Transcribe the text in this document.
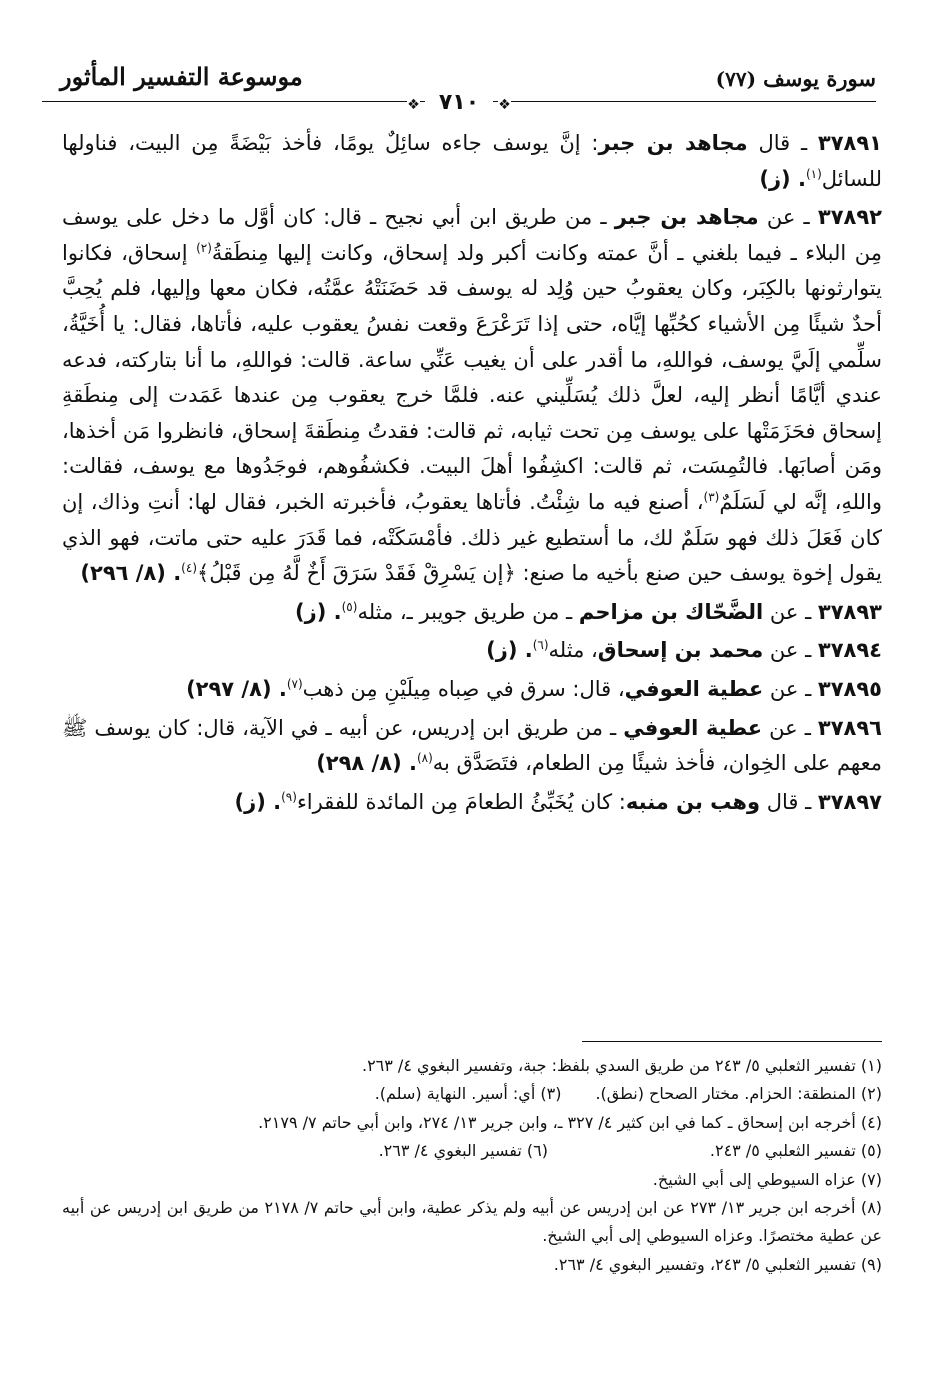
سورة يوسف (٧٧)
موسوعة التفسير المأثور
❖ ٧١٠ ❖

٣٧٨٩١ ـ قال مجاهد بن جبر: إنَّ يوسف جاءه سائِلٌ يومًا، فأخذ بَيْضَةً مِن البيت، فناولها للسائل$^{(١)}$. (ز)

٣٧٨٩٢ ـ عن مجاهد بن جبر ـ من طريق ابن أبي نجيح ـ قال: كان أوَّل ما دخل على يوسف مِن البلاء ـ فيما بلغني ـ أنَّ عمته وكانت أكبر ولد إسحاق، وكانت إليها مِنطَقةُ$^{(٢)}$ إسحاق، فكانوا يتوارثونها بالكِبَر، وكان يعقوبُ حين وُلِد له يوسف قد حَضَنَتْهُ عمَّتُه، فكان معها وإليها، فلم يُحِبَّ أحدٌ شيئًا مِن الأشياء كحُبِّها إيَّاه، حتى إذا تَرَعْرَعَ وقعت نفسُ يعقوب عليه، فأتاها، فقال: يا أُخَيَّةُ، سلِّمي إلَيَّ يوسف، فواللهِ، ما أقدر على أن يغيب عَنِّي ساعة. قالت: فواللهِ، ما أنا بتاركته، فدعه عندي أيَّامًا أنظر إليه، لعلَّ ذلك يُسَلِّيني عنه. فلمَّا خرج يعقوب مِن عندها عَمَدت إلى مِنطَقةِ إسحاق فحَزَمَتْها على يوسف مِن تحت ثيابه، ثم قالت: فقدتُ مِنطَقةَ إسحاق، فانظروا مَن أخذها، ومَن أصابَها. فالتُمِسَت، ثم قالت: اكشِفُوا أهلَ البيت. فكشفُوهم، فوجَدُوها مع يوسف، فقالت: واللهِ، إنَّه لي لَسَلَمٌ$^{(٣)}$، أصنع فيه ما شِئْتُ. فأتاها يعقوبُ، فأخبرته الخبر، فقال لها: أنتِ وذاك، إن كان فَعَلَ ذلك فهو سَلَمٌ لك، ما أستطيع غير ذلك. فأمْسَكَتْه، فما قَدَرَ عليه حتى ماتت، فهو الذي يقول إخوة يوسف حين صنع بأخيه ما صنع: ﴿إن يَسْرِقْ فَقَدْ سَرَقَ أَخٌ لَّهُ مِن قَبْلُ﴾$^{(٤)}$. (٨/ ٢٩٦)

٣٧٨٩٣ ـ عن الضَّحّاك بن مزاحم ـ من طريق جويبر ـ، مثله$^{(٥)}$. (ز)

٣٧٨٩٤ ـ عن محمد بن إسحاق، مثله$^{(٦)}$. (ز)

٣٧٨٩٥ ـ عن عطية العوفي، قال: سرق في صِباه مِيلَيْنِ مِن ذهب$^{(٧)}$. (٨/ ٢٩٧)

٣٧٨٩٦ ـ عن عطية العوفي ـ من طريق ابن إدريس، عن أبيه ـ في الآية، قال: كان يوسف ﷺ معهم على الخِوان، فأخذ شيئًا مِن الطعام، فتَصَدَّق به$^{(٨)}$. (٨/ ٢٩٨)

٣٧٨٩٧ ـ قال وهب بن منبه: كان يُخَبِّئُ الطعامَ مِن المائدة للفقراء$^{(٩)}$. (ز)

(١) تفسير الثعلبي ٥/ ٢٤٣ من طريق السدي بلفظ: جبة، وتفسير البغوي ٤/ ٢٦٣.

(٢) المنطقة: الحزام. مختار الصحاح (نطق).
(٣) أي: أسير. النهاية (سلم).

(٤) أخرجه ابن إسحاق ـ كما في ابن كثير ٤/ ٣٢٧ ـ، وابن جرير ١٣/ ٢٧٤، وابن أبي حاتم ٧/ ٢١٧٩.

(٥) تفسير الثعلبي ٥/ ٢٤٣.
(٦) تفسير البغوي ٤/ ٢٦٣.

(٧) عزاه السيوطي إلى أبي الشيخ.

(٨) أخرجه ابن جرير ١٣/ ٢٧٣ عن ابن إدريس عن أبيه ولم يذكر عطية، وابن أبي حاتم ٧/ ٢١٧٨ من طريق ابن إدريس عن أبيه عن عطية مختصرًا. وعزاه السيوطي إلى أبي الشيخ.

(٩) تفسير الثعلبي ٥/ ٢٤٣، وتفسير البغوي ٤/ ٢٦٣.
